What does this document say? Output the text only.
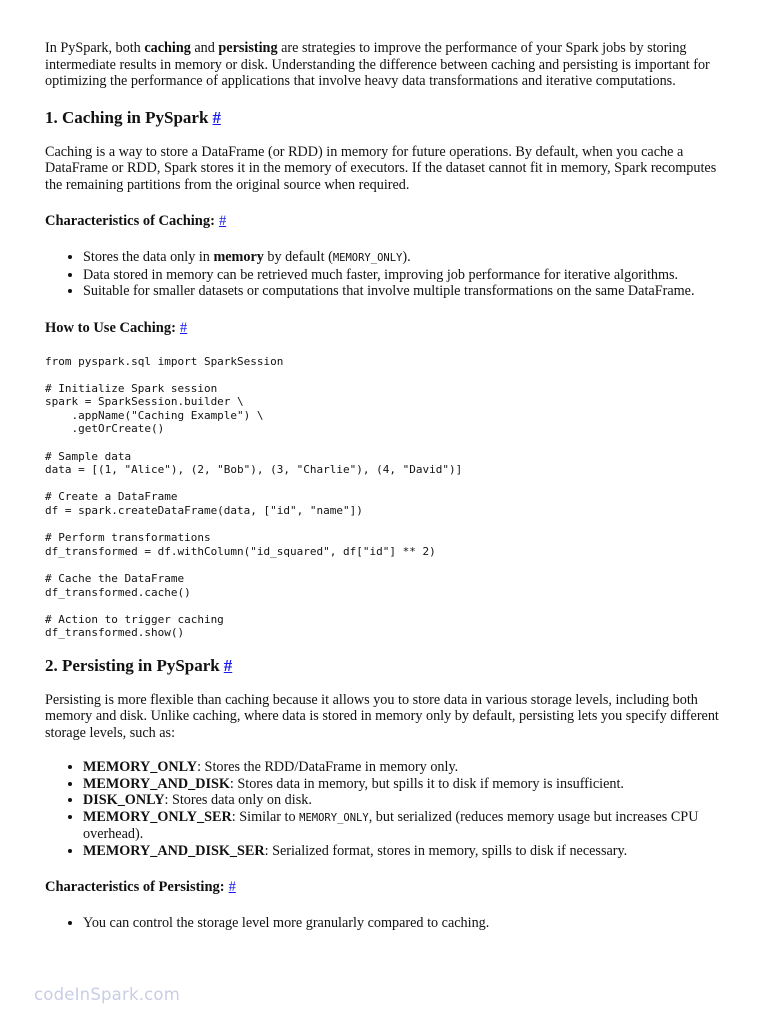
In PySpark, both caching and persisting are strategies to improve the performance of your Spark jobs by storing intermediate results in memory or disk. Understanding the difference between caching and persisting is important for optimizing the performance of applications that involve heavy data transformations and iterative computations.

1. Caching in PySpark #

Caching is a way to store a DataFrame (or RDD) in memory for future operations. By default, when you cache a DataFrame or RDD, Spark stores it in the memory of executors. If the dataset cannot fit in memory, Spark recomputes the remaining partitions from the original source when required.

Characteristics of Caching: #
• Stores the data only in memory by default (MEMORY_ONLY).
• Data stored in memory can be retrieved much faster, improving job performance for iterative algorithms.
• Suitable for smaller datasets or computations that involve multiple transformations on the same DataFrame.
How to Use Caching: #
from pyspark.sql import SparkSession

# Initialize Spark session
spark = SparkSession.builder \
.appName("Caching Example") \
.getOrCreate()

# Sample data
data = [(1, "Alice"), (2, "Bob"), (3, "Charlie"), (4, "David")]

# Create a DataFrame
df = spark.createDataFrame(data, ["id", "name"])

# Perform transformations
df_transformed = df.withColumn("id_squared", df["id"] ** 2)

# Cache the DataFrame
df_transformed.cache()

# Action to trigger caching
df_transformed.show()
2. Persisting in PySpark #

Persisting is more flexible than caching because it allows you to store data in various storage levels, including both memory and disk. Unlike caching, where data is stored in memory only by default, persisting lets you specify different storage levels, such as:

• MEMORY_ONLY: Stores the RDD/DataFrame in memory only.
• MEMORY_AND_DISK: Stores data in memory, but spills it to disk if memory is insufficient.
• DISK_ONLY: Stores data only on disk.
• MEMORY_ONLY_SER: Similar to MEMORY_ONLY, but serialized (reduces memory usage but increases CPU overhead).
• MEMORY_AND_DISK_SER: Serialized format, stores in memory, spills to disk if necessary.
Characteristics of Persisting: #
• You can control the storage level more granularly compared to caching.
codeInSpark.com
